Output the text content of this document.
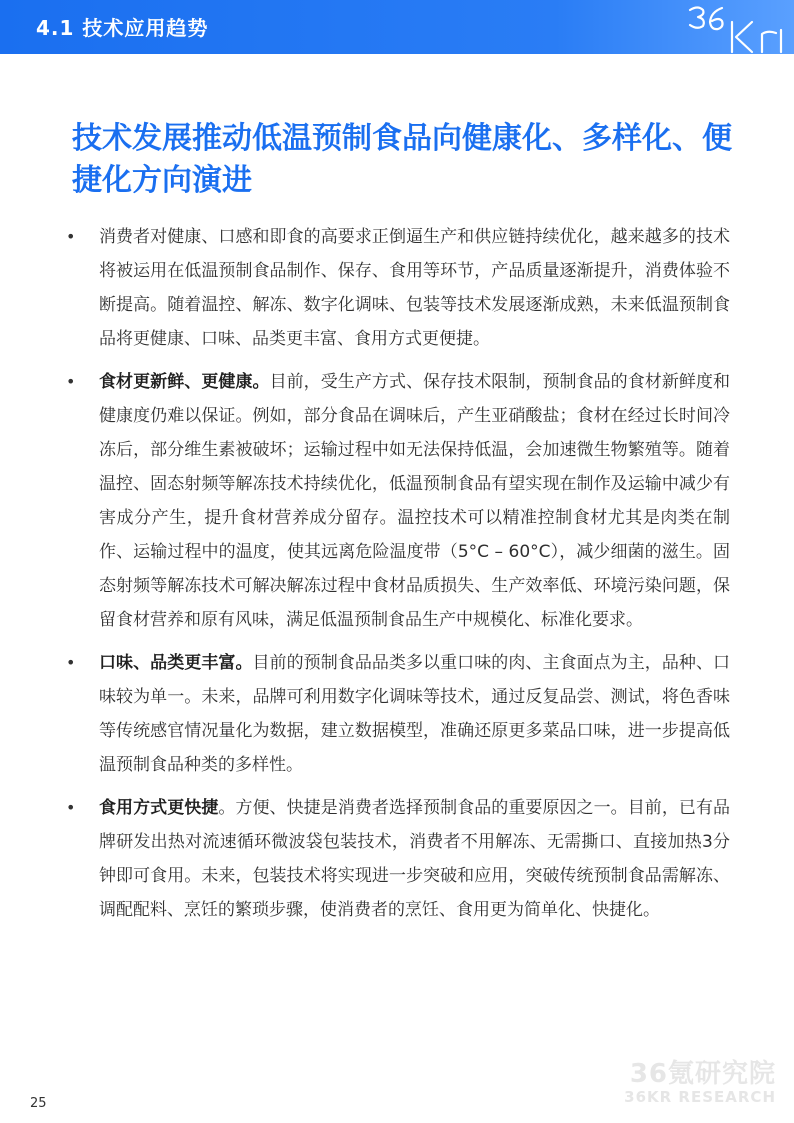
4.1 技术应用趋势
技术发展推动低温预制食品向健康化、多样化、便捷化方向演进
• 消费者对健康、口感和即食的高要求正倒逼生产和供应链持续优化，越来越多的技术将被运用在低温预制食品制作、保存、食用等环节，产品质量逐渐提升，消费体验不断提高。随着温控、解冻、数字化调味、包装等技术发展逐渐成熟，未来低温预制食品将更健康、口味、品类更丰富、食用方式更便捷。
• 食材更新鲜、更健康。目前，受生产方式、保存技术限制，预制食品的食材新鲜度和健康度仍难以保证。例如，部分食品在调味后，产生亚硝酸盐；食材在经过长时间冷冻后，部分维生素被破坏；运输过程中如无法保持低温，会加速微生物繁殖等。随着温控、固态射频等解冻技术持续优化，低温预制食品有望实现在制作及运输中减少有害成分产生，提升食材营养成分留存。温控技术可以精准控制食材尤其是肉类在制作、运输过程中的温度，使其远离危险温度带（5°C – 60°C），减少细菌的滋生。固态射频等解冻技术可解决解冻过程中食材品质损失、生产效率低、环境污染问题，保留食材营养和原有风味，满足低温预制食品生产中规模化、标准化要求。
• 口味、品类更丰富。目前的预制食品品类多以重口味的肉、主食面点为主，品种、口味较为单一。未来，品牌可利用数字化调味等技术，通过反复品尝、测试，将色香味等传统感官情况量化为数据，建立数据模型，准确还原更多菜品口味，进一步提高低温预制食品种类的多样性。
• 食用方式更快捷。方便、快捷是消费者选择预制食品的重要原因之一。目前，已有品牌研发出热对流速循环微波袋包装技术，消费者不用解冻、无需撕口、直接加热3分钟即可食用。未来，包装技术将实现进一步突破和应用，突破传统预制食品需解冻、调配配料、烹饪的繁琐步骤，使消费者的烹饪、食用更为简单化、快捷化。
36氪研究院
36KR RESEARCH
25
